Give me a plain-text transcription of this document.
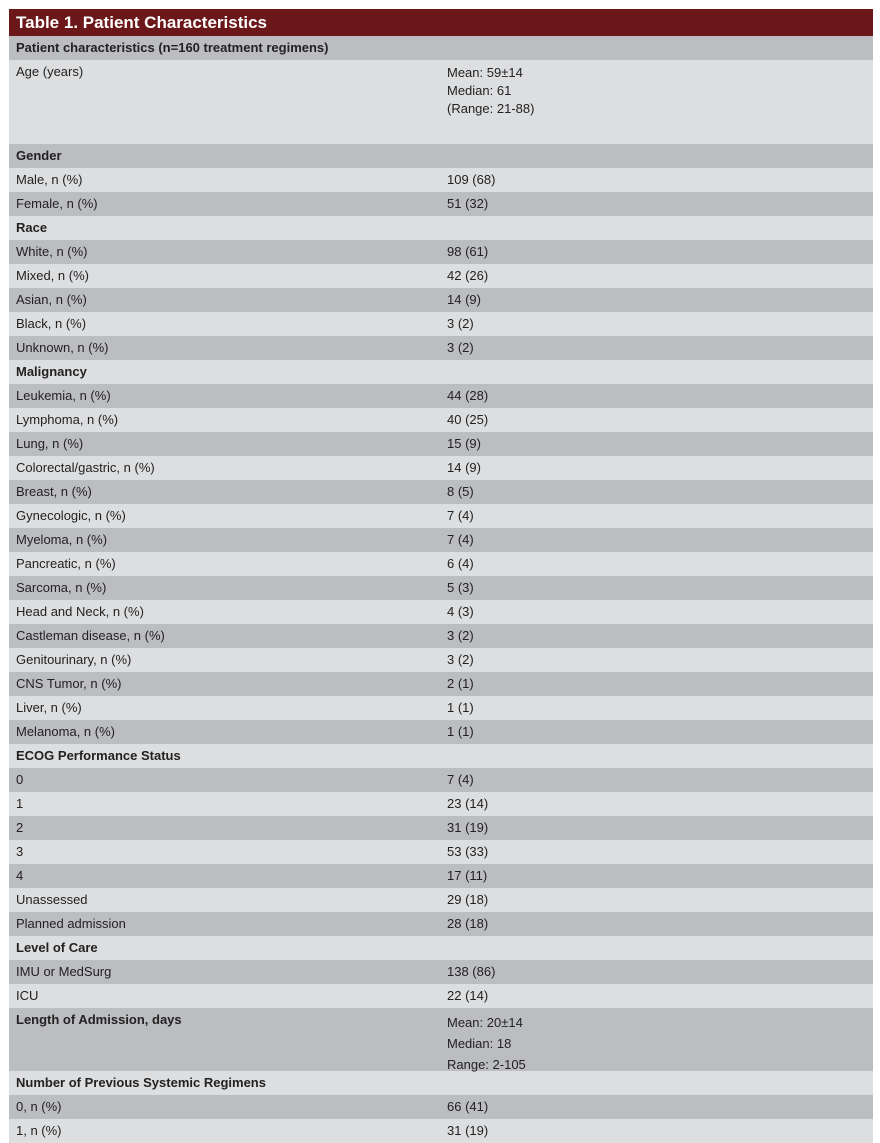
Table 1. Patient Characteristics
Patient characteristics (n=160 treatment regimens)
Age (years)	Mean: 59±14
Median: 61
(Range: 21-88)
Gender
Male, n (%)	109 (68)
Female, n (%)	51 (32)
Race
White, n (%)	98 (61)
Mixed, n (%)	42 (26)
Asian, n (%)	14 (9)
Black, n (%)	3 (2)
Unknown, n (%)	3 (2)
Malignancy
Leukemia, n (%)	44 (28)
Lymphoma, n (%)	40 (25)
Lung, n (%)	15 (9)
Colorectal/gastric, n (%)	14 (9)
Breast, n (%)	8 (5)
Gynecologic, n (%)	7 (4)
Myeloma, n (%)	7 (4)
Pancreatic, n (%)	6 (4)
Sarcoma, n (%)	5 (3)
Head and Neck, n (%)	4 (3)
Castleman disease, n (%)	3 (2)
Genitourinary, n (%)	3 (2)
CNS Tumor, n (%)	2 (1)
Liver, n (%)	1 (1)
Melanoma, n (%)	1 (1)
ECOG Performance Status
0	7 (4)
1	23 (14)
2	31 (19)
3	53 (33)
4	17 (11)
Unassessed	29 (18)
Planned admission	28 (18)
Level of Care
IMU or MedSurg	138 (86)
ICU	22 (14)
Length of Admission, days	Mean: 20±14
Median: 18
Range: 2-105
Number of Previous Systemic Regimens
0, n (%)	66 (41)
1, n (%)	31 (19)
